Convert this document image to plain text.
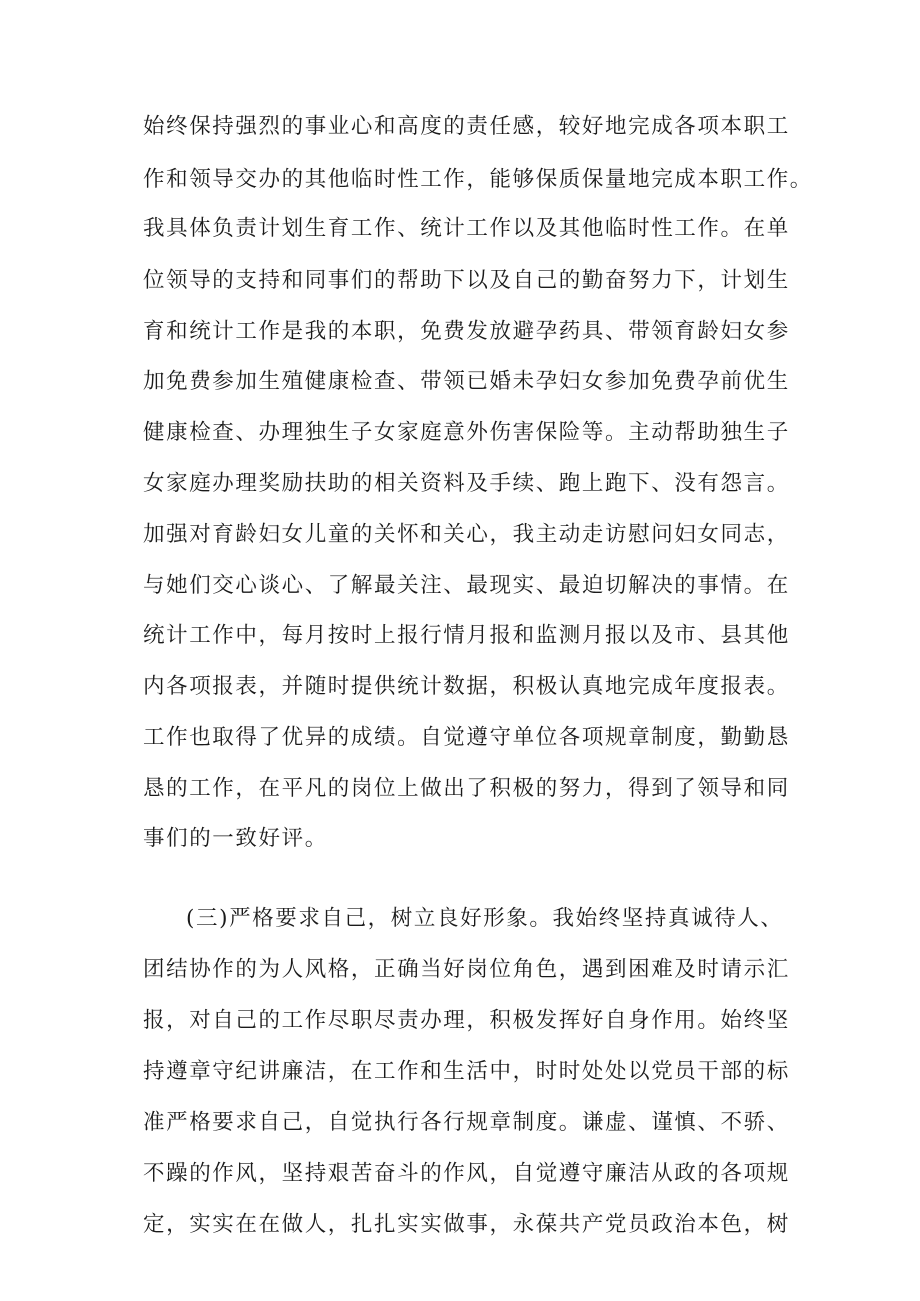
始终保持强烈的事业心和高度的责任感，较好地完成各项本职工
作和领导交办的其他临时性工作，能够保质保量地完成本职工作。
我具体负责计划生育工作、统计工作以及其他临时性工作。在单
位领导的支持和同事们的帮助下以及自己的勤奋努力下，计划生
育和统计工作是我的本职，免费发放避孕药具、带领育龄妇女参
加免费参加生殖健康检查、带领已婚未孕妇女参加免费孕前优生
健康检查、办理独生子女家庭意外伤害保险等。主动帮助独生子
女家庭办理奖励扶助的相关资料及手续、跑上跑下、没有怨言。
加强对育龄妇女儿童的关怀和关心，我主动走访慰问妇女同志，
与她们交心谈心、了解最关注、最现实、最迫切解决的事情。在
统计工作中，每月按时上报行情月报和监测月报以及市、县其他
内各项报表，并随时提供统计数据，积极认真地完成年度报表。
工作也取得了优异的成绩。自觉遵守单位各项规章制度，勤勤恳
恳的工作，在平凡的岗位上做出了积极的努力，得到了领导和同
事们的一致好评。
(三)严格要求自己，树立良好形象。我始终坚持真诚待人、
团结协作的为人风格，正确当好岗位角色，遇到困难及时请示汇
报，对自己的工作尽职尽责办理，积极发挥好自身作用。始终坚
持遵章守纪讲廉洁，在工作和生活中，时时处处以党员干部的标
准严格要求自己，自觉执行各行规章制度。谦虚、谨慎、不骄、
不躁的作风，坚持艰苦奋斗的作风，自觉遵守廉洁从政的各项规
定，实实在在做人，扎扎实实做事，永葆共产党员政治本色，树
